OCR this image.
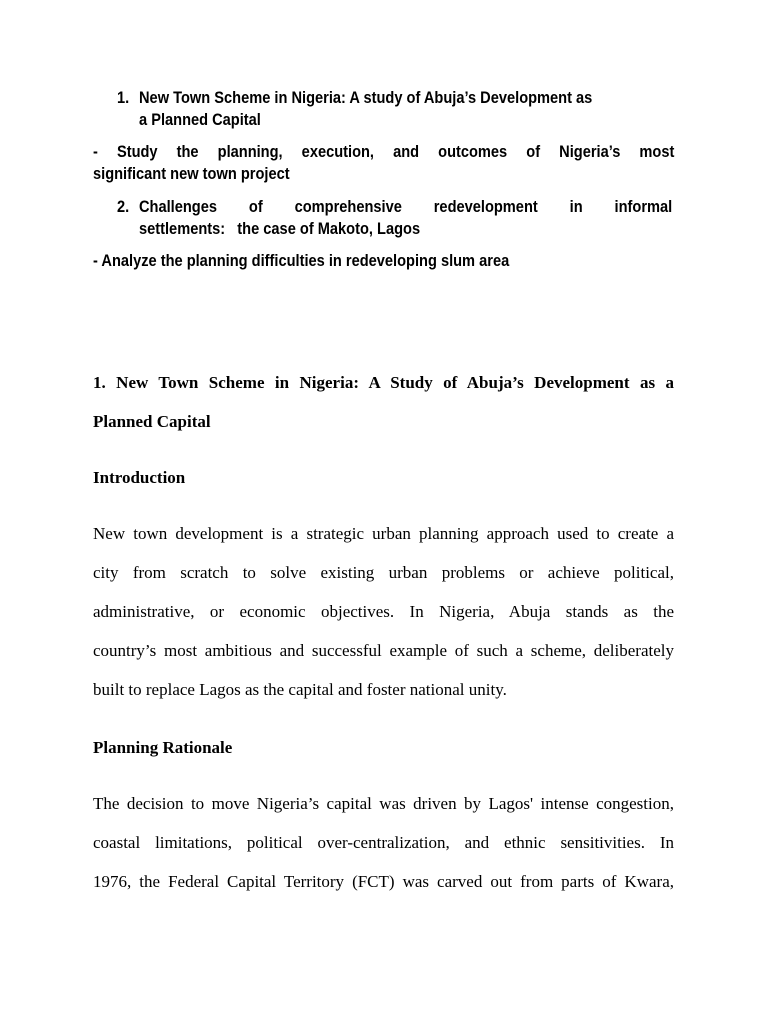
1. New Town Scheme in Nigeria: A study of Abuja’s Development as
a Planned Capital
- Study the planning, execution, and outcomes of Nigeria’s most
significant new town project
2. Challenges of comprehensive redevelopment in informal
settlements:   the case of Makoto, Lagos
- Analyze the planning difficulties in redeveloping slum area
1. New Town Scheme in Nigeria: A Study of Abuja’s Development as a
Planned Capital
Introduction
New town development is a strategic urban planning approach used to create a
city from scratch to solve existing urban problems or achieve political,
administrative, or economic objectives. In Nigeria, Abuja stands as the
country’s most ambitious and successful example of such a scheme, deliberately
built to replace Lagos as the capital and foster national unity.
Planning Rationale
The decision to move Nigeria’s capital was driven by Lagos' intense congestion,
coastal limitations, political over-centralization, and ethnic sensitivities. In
1976, the Federal Capital Territory (FCT) was carved out from parts of Kwara,
